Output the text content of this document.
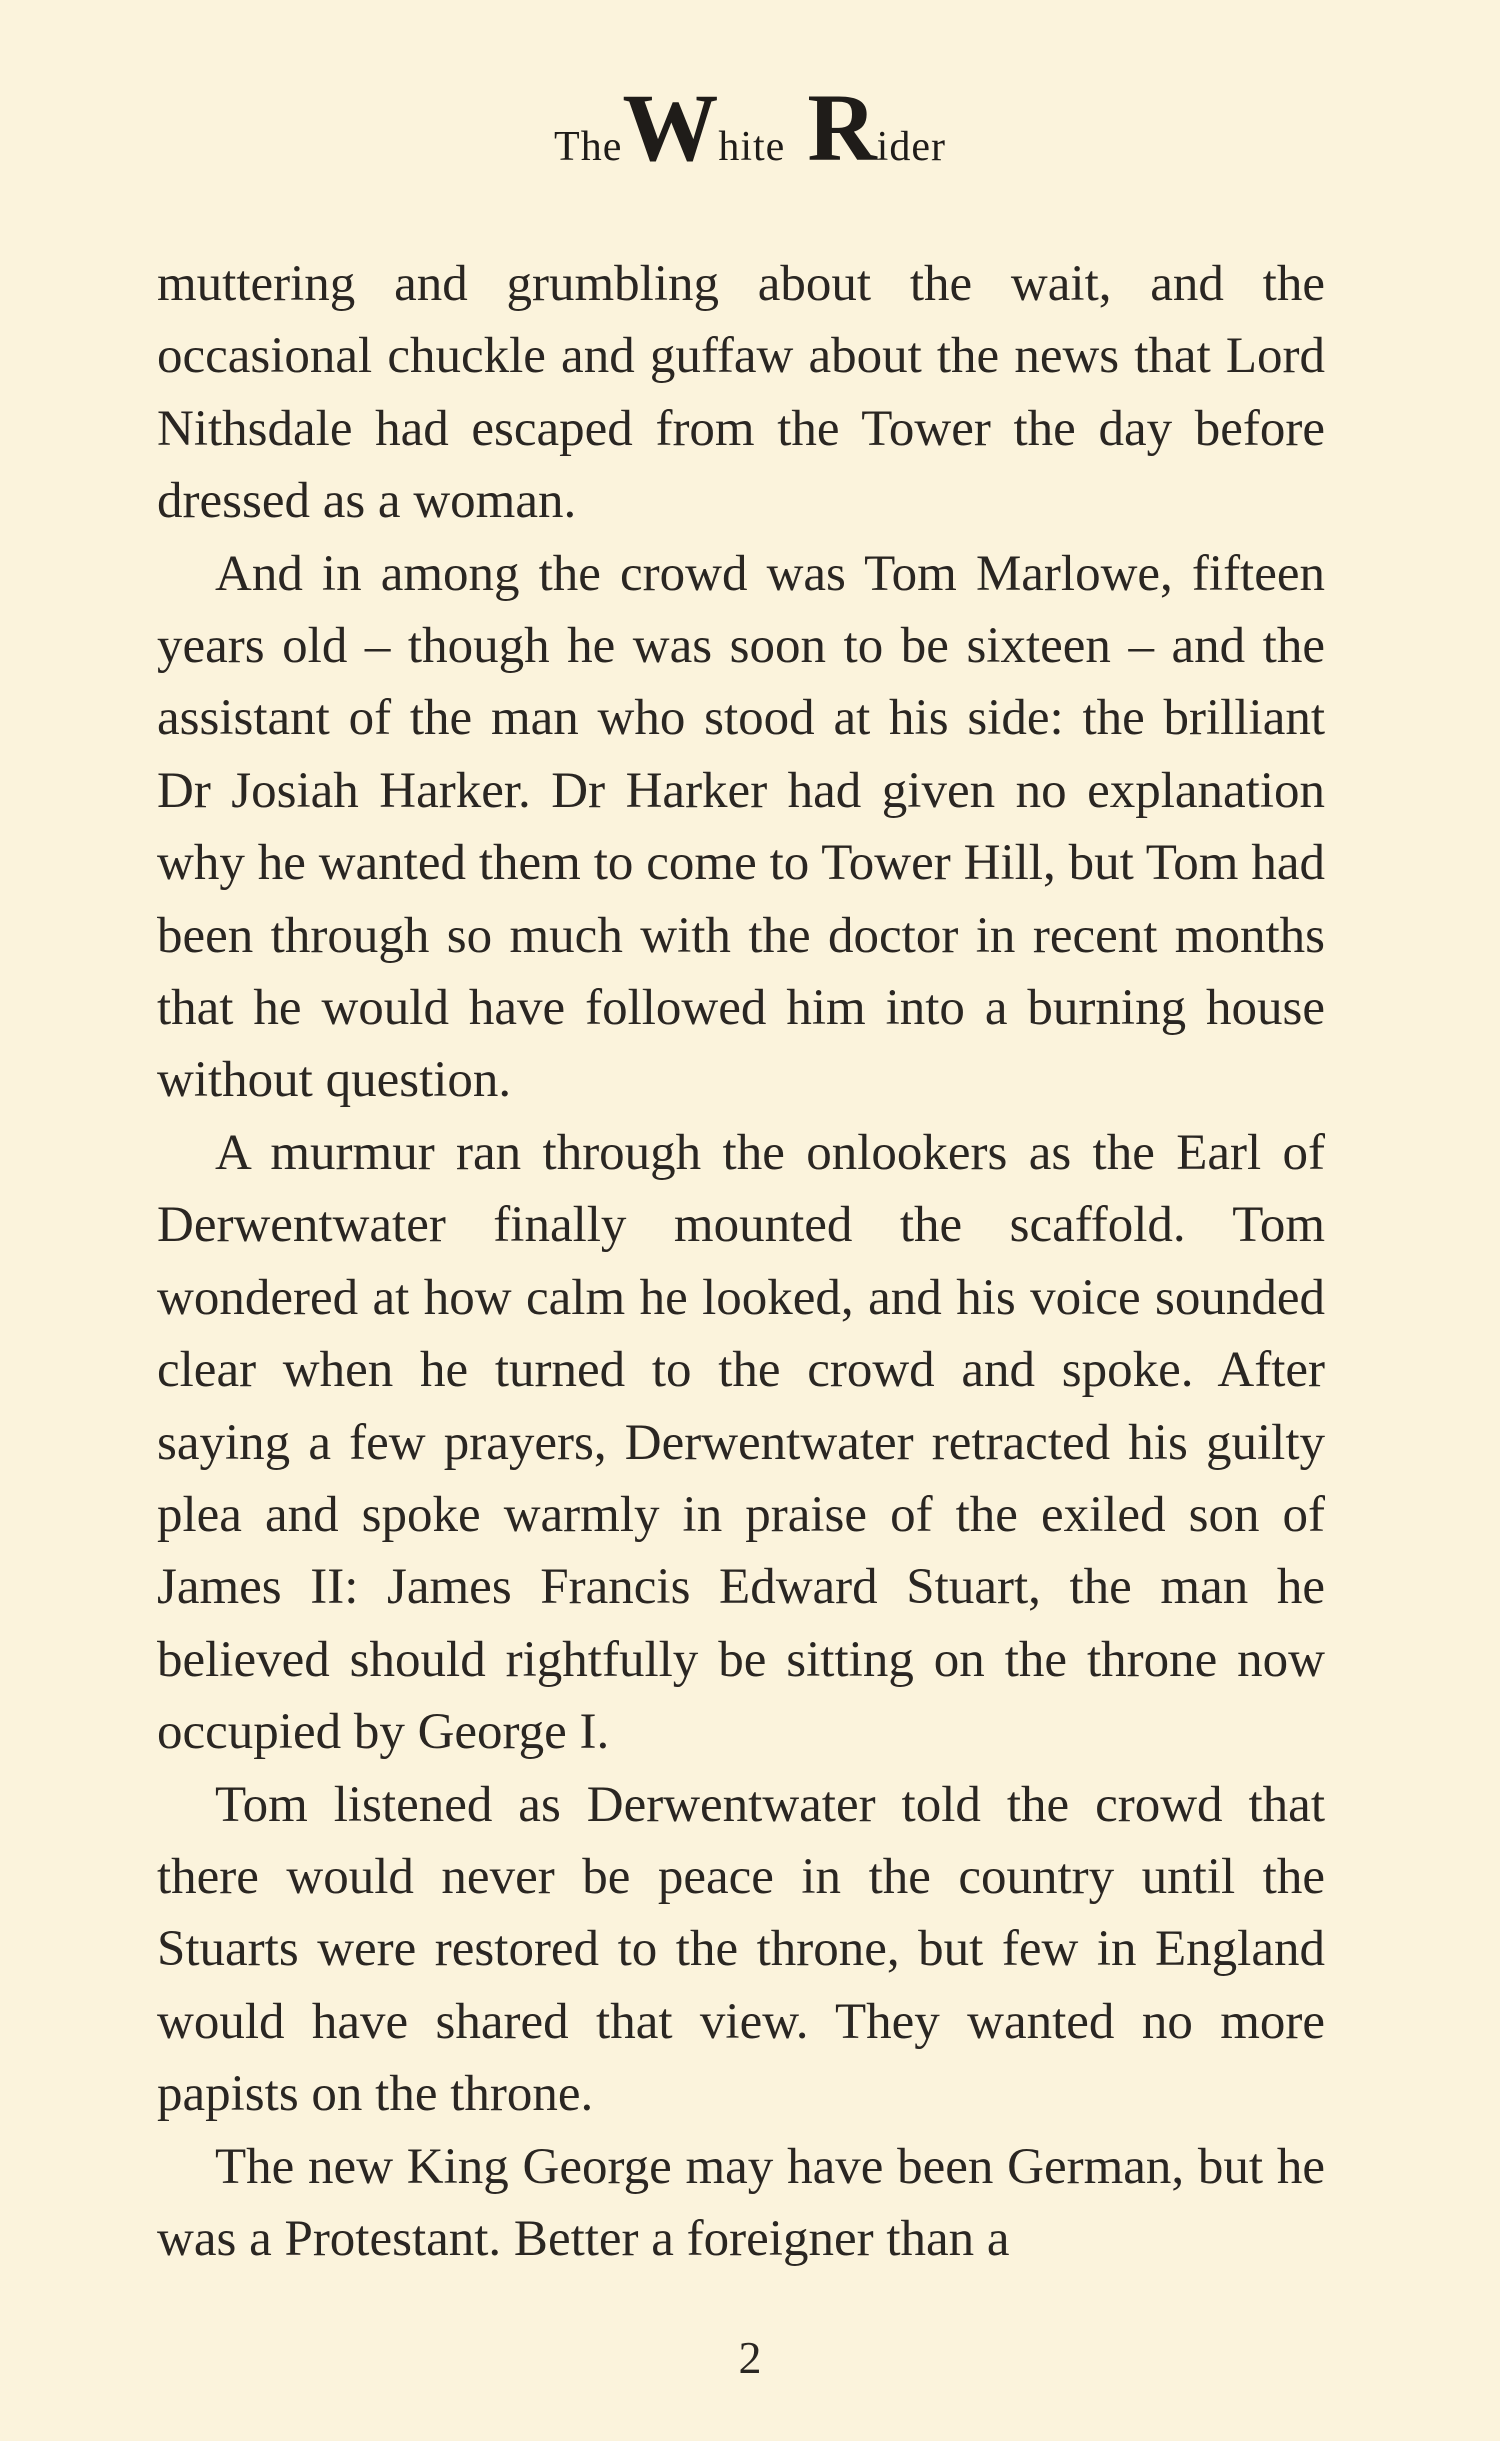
TheWhite Rider

muttering and grumbling about the wait, and the occasional chuckle and guffaw about the news that Lord Nithsdale had escaped from the Tower the day before dressed as a woman.

And in among the crowd was Tom Marlowe, fifteen years old – though he was soon to be sixteen – and the assistant of the man who stood at his side: the brilliant Dr Josiah Harker. Dr Harker had given no explanation why he wanted them to come to Tower Hill, but Tom had been through so much with the doctor in recent months that he would have followed him into a burning house without question.

A murmur ran through the onlookers as the Earl of Derwentwater finally mounted the scaffold. Tom wondered at how calm he looked, and his voice sounded clear when he turned to the crowd and spoke. After saying a few prayers, Derwentwater retracted his guilty plea and spoke warmly in praise of the exiled son of James II: James Francis Edward Stuart, the man he believed should rightfully be sitting on the throne now occupied by George I.

Tom listened as Derwentwater told the crowd that there would never be peace in the country until the Stuarts were restored to the throne, but few in England would have shared that view. They wanted no more papists on the throne.

The new King George may have been German, but he was a Protestant. Better a foreigner than a

2
